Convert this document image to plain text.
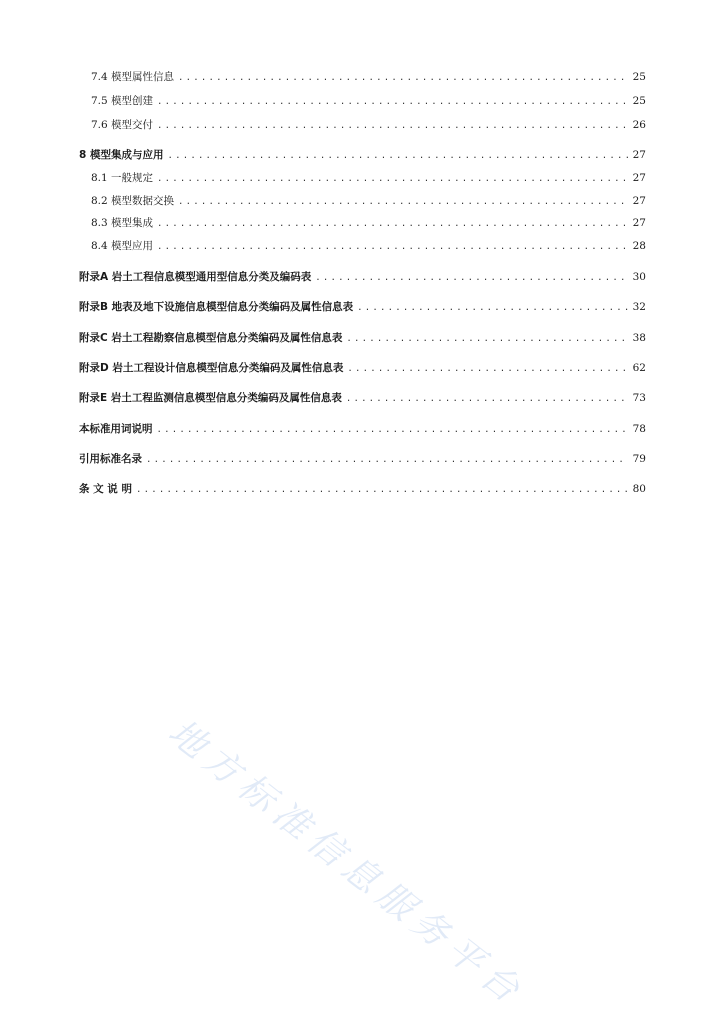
7.4 模型属性信息 .....	25
7.5 模型创建 .....	25
7.6 模型交付 .....	26
8 模型集成与应用 .....	27
8.1 一般规定 .....	27
8.2 模型数据交换 .....	27
8.3 模型集成 .....	27
8.4 模型应用 .....	28
附录A 岩土工程信息模型通用型信息分类及编码表 .....	30
附录B 地表及地下设施信息模型信息分类编码及属性信息表 .....	32
附录C 岩土工程勘察信息模型信息分类编码及属性信息表 .....	38
附录D 岩土工程设计信息模型信息分类编码及属性信息表 .....	62
附录E 岩土工程监测信息模型信息分类编码及属性信息表 .....	73
本标准用词说明 .....	78
引用标准名录 .....	79
条 文 说 明 .....	80
地方标准信息服务平台
